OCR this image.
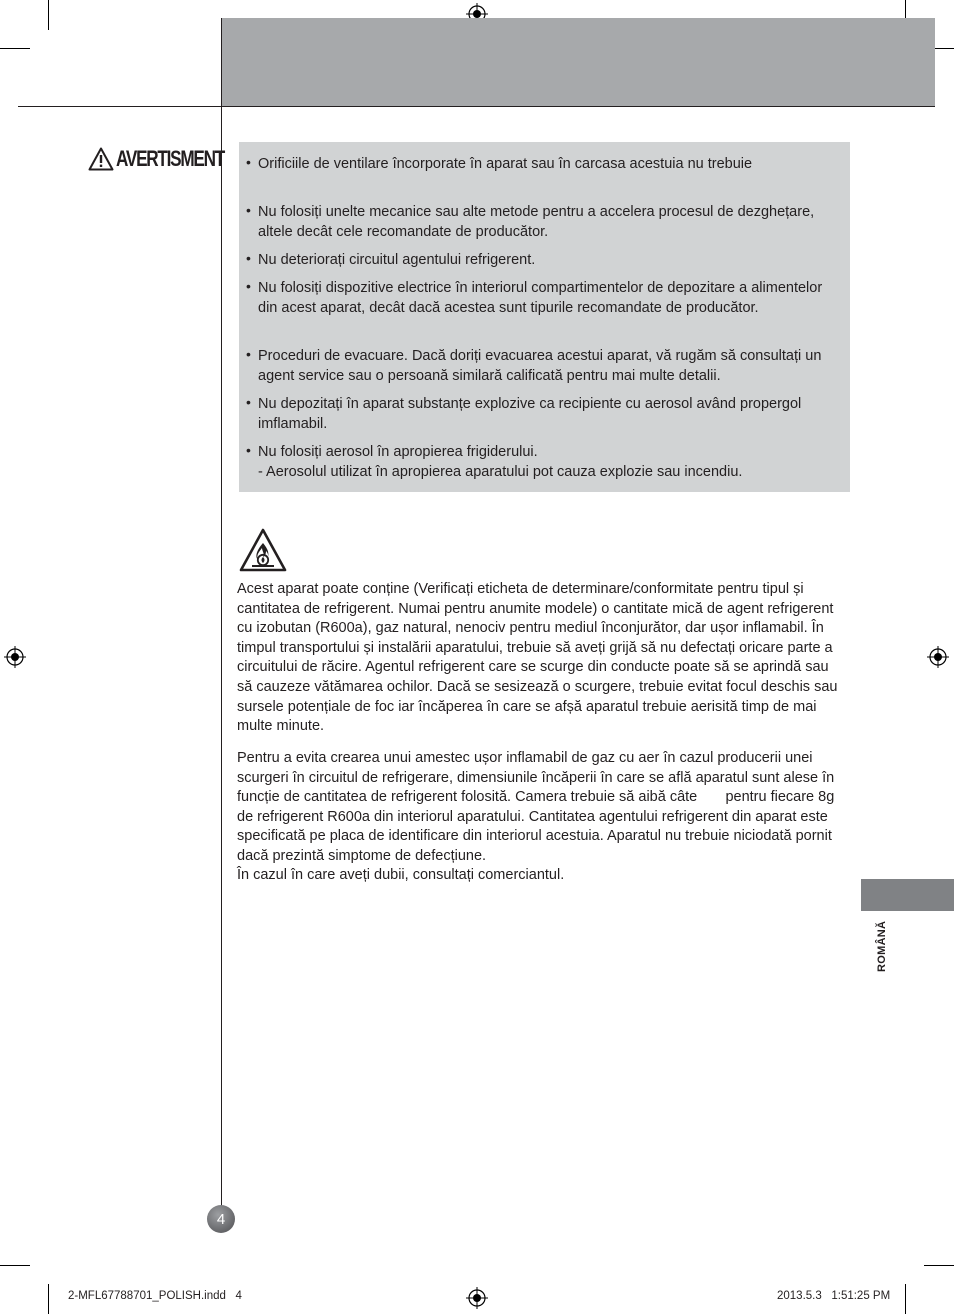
AVERTISMENT • Orificiile de ventilare încorporate în aparat sau în carcasa acestuia nu trebuie
• Nu folosiți unelte mecanice sau alte metode pentru a accelera procesul de dezghețare, altele decât cele recomandate de producător.
• Nu deteriorați circuitul agentului refrigerent.
• Nu folosiți dispozitive electrice în interiorul compartimentelor de depozitare a alimentelor din acest aparat, decât dacă acestea sunt tipurile recomandate de producător.
• Proceduri de evacuare. Dacă doriți evacuarea acestui aparat, vă rugăm să consultați un agent service sau o persoană similară calificată pentru mai multe detalii.
• Nu depozitați în aparat substanțe explozive ca recipiente cu aerosol având propergol imflamabil.
• Nu folosiți aerosol în apropierea frigiderului.
- Aerosolul utilizat în apropierea aparatului pot cauza explozie sau incendiu.
Acest aparat poate conține (Verificați eticheta de determinare/conformitate pentru tipul și cantitatea de refrigerent. Numai pentru anumite modele) o cantitate mică de agent refrigerent cu izobutan (R600a), gaz natural, nenociv pentru mediul înconjurător, dar ușor inflamabil. În timpul transportului și instalării aparatului, trebuie să aveți grijă să nu defectați oricare parte a circuitului de răcire. Agentul refrigerent care se scurge din conducte poate să se aprindă sau să cauzeze vătămarea ochilor. Dacă se sesizează o scurgere, trebuie evitat focul deschis sau sursele potențiale de foc iar încăperea în care se afșă aparatul trebuie aerisită timp de mai multe minute.
Pentru a evita crearea unui amestec ușor inflamabil de gaz cu aer în cazul producerii unei scurgeri în circuitul de refrigerare, dimensiunile încăperii în care se află aparatul sunt alese în funcție de cantitatea de refrigerent folosită. Camera trebuie să aibă câte       pentru fiecare 8g de refrigerent R600a din interiorul aparatului. Cantitatea agentului refrigerent din aparat este specificată pe placa de identificare din interiorul acestuia. Aparatul nu trebuie niciodată pornit dacă prezintă simptome de defecțiune.
În cazul în care aveți dubii, consultați comerciantul.
ROMÂNĂ
4
2-MFL67788701_POLISH.indd   4	2013.5.3   1:51:25 PM
